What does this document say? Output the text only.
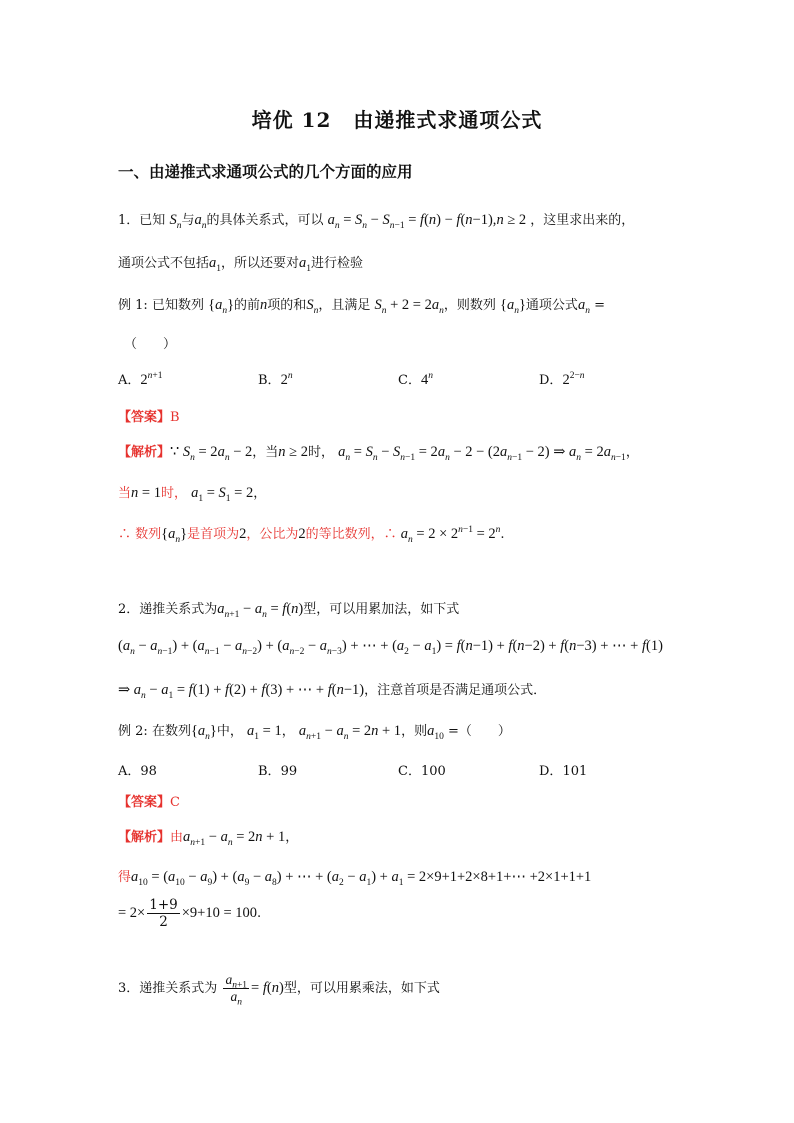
培优 12 由递推式求通项公式
一、由递推式求通项公式的几个方面的应用
1．已知 $S_n$与$a_n$的具体关系式，可以 $a_n = S_n - S_{n-1} = f(n) - f(n-1),n \ge 2$ ，这里求出来的，
通项公式不包括$a_1$，所以还要对$a_1$进行检验
例 1: 已知数列 $\{a_n\}$的前n项的和$S_n$，且满足 $S_n + 2 = 2a_n$，则数列 $\{a_n\}$通项公式$a_n$ =
（　　）
A．$2^{n+1}$	B．2$^n$	C．4$^n$	D．$2^{2-n}$
【答案】B
【解析】∵ $S_n = 2a_n - 2$，当n ≥ 2时， $a_n = S_n - S_{n-1} = 2a_n - 2 - (2a_{n-1} - 2)$ ⇒ $a_n = 2a_{n-1}$，
当n = 1时， $a_1 = S_1 = 2$，
∴ 数列$\{a_n\}$是首项为2，公比为2的等比数列，∴ $a_n = 2 \times 2^{n-1} = 2^n$.
2．递推关系式为$a_{n+1} - a_n = f(n)$型，可以用累加法，如下式
$(a_n - a_{n-1}) + (a_{n-1} - a_{n-2}) + (a_{n-2} - a_{n-3})$ + ⋯ + $(a_2 - a_1) = f(n-1) + f(n-2) + f(n-3)$ + ⋯ + f(1)
⇒ $a_n - a_1 = f(1) + f(2) + f(3)$ + ⋯ + f(n−1)，注意首项是否满足通项公式．
例 2: 在数列$\{a_n\}$中， $a_1 = 1$， $a_{n+1} - a_n = 2n + 1$，则$a_{10}$ =（　　）
A．98	B．99	C．100	D．101
【答案】C
【解析】由$a_{n+1} - a_n = 2n + 1$，
得$a_{10} = (a_{10} - a_9) + (a_9 - a_8)$ + ⋯ + $(a_2 - a_1) + a_1$ = 2×9+1+2×8+1+⋯ +2×1+1+1
= $2\times \frac{1+9}{2} \times 9+10 = 100$.
3．递推关系式为 $\frac{a_{n+1}}{a_n} = f(n)$型，可以用累乘法，如下式
